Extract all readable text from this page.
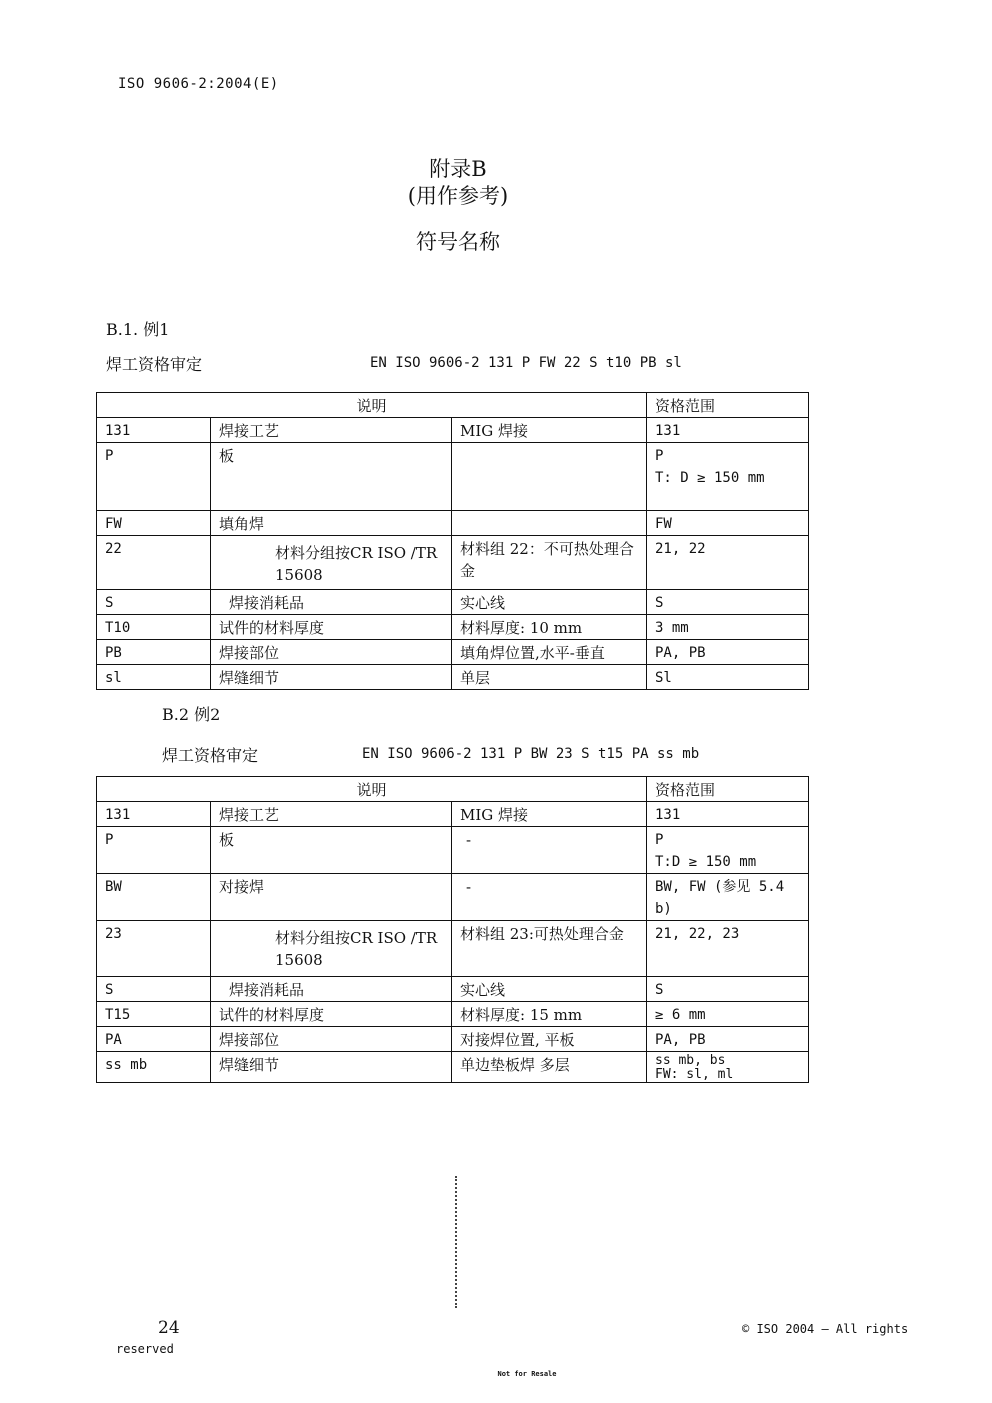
ISO 9606-2:2004(E)
附录B
(用作参考)
符号名称
B.1. 例1
焊工资格审定	EN ISO 9606-2 131 P FW 22 S t10 PB sl
说明			资格范围
131	焊接工艺	MIG 焊接	131
P	板		P
T: D ≥ 150 mm
FW	填角焊		FW
22	材料分组按CR ISO /TR 15608	材料组 22：不可热处理合金	21, 22
S	焊接消耗品	实心线	S
T10	试件的材料厚度	材料厚度: 10 mm	3 mm
PB	焊接部位	填角焊位置,水平-垂直	PA, PB
sl	焊缝细节	单层	Sl
B.2 例2
焊工资格审定	EN ISO 9606-2 131 P BW 23 S t15 PA ss mb
说明			资格范围
131	焊接工艺	MIG 焊接	131
P	板	-	P
T:D ≥ 150 mm
BW	对接焊	-	BW, FW (参见 5.4 b)
23	材料分组按CR ISO /TR 15608	材料组 23:可热处理合金	21, 22, 23
S	焊接消耗品	实心线	S
T15	试件的材料厚度	材料厚度: 15 mm	≥ 6 mm
PA	焊接部位	对接焊位置, 平板	PA, PB
ss mb	焊缝细节	单边垫板焊 多层	ss mb, bs
FW: sl, ml
24	© ISO 2004 – All rights
reserved
Not for Resale
